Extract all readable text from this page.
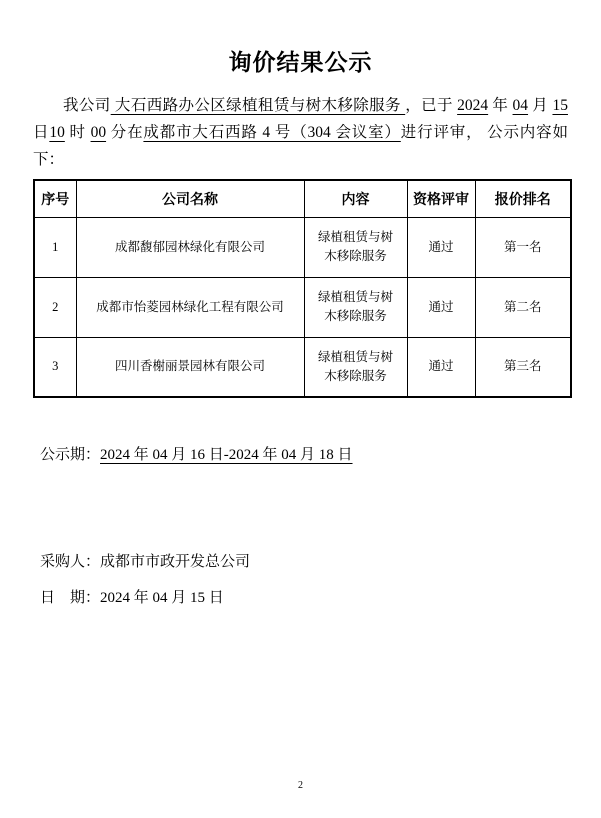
询价结果公示

我公司 大石西路办公区绿植租赁与树木移除服务 ，已于 2024 年 04 月 15 日10 时 00 分在成都市大石西路 4 号（304 会议室）进行评审， 公示内容如下：

序号	公司名称	内容	资格评审	报价排名
1	成都馥郁园林绿化有限公司	绿植租赁与树木移除服务	通过	第一名
2	成都市怡菱园林绿化工程有限公司	绿植租赁与树木移除服务	通过	第二名
3	四川香榭丽景园林有限公司	绿植租赁与树木移除服务	通过	第三名

公示期：2024 年 04 月 16 日-2024 年 04 月 18 日

采购人：成都市市政开发总公司

日　期：2024 年 04 月 15 日

2
